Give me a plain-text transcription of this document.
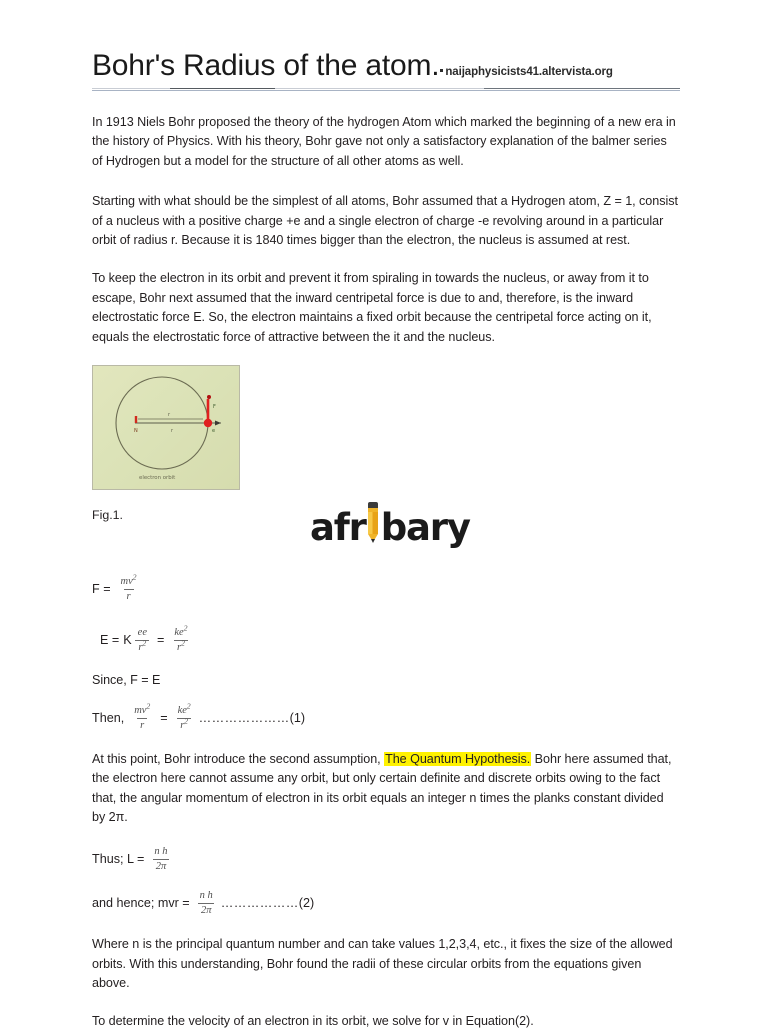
Bohr's Radius of the atom. naijaphysicists41.altervista.org

In 1913 Niels Bohr proposed the theory of the hydrogen Atom which marked the beginning of a new era in the history of Physics. With his theory, Bohr gave not only a satisfactory explanation of the balmer series of Hydrogen but a model for the structure of all other atoms as well.

Starting with what should be the simplest of all atoms, Bohr assumed that a Hydrogen atom, Z = 1, consist of a nucleus with a positive charge +e and a single electron of charge -e revolving around in a particular orbit of radius r. Because it is 1840 times bigger than the electron, the nucleus is assumed at rest.

To keep the electron in its orbit and prevent it from spiraling in towards the nucleus, or away from it to escape, Bohr next assumed that the inward centripetal force is due to and, therefore, is the inward electrostatic force E. So, the electron maintains a fixed orbit because the centripetal force acting on it, equals the electrostatic force of attractive between the it and the nucleus.

N
r
r	e
F
electron orbit
Fig.1.	afr bary
$F = \frac{mv^2}{r}$
E = K $\frac{ee}{r^2} = \frac{ke^2}{r^2}$

Since, F = E

Then, $\frac{mv^2}{r} = \frac{ke^2}{r^2}$ ………………… (1)

At this point, Bohr introduce the second assumption, The Quantum Hypothesis. Bohr here assumed that, the electron here cannot assume any orbit, but only certain definite and discrete orbits owing to the fact that, the angular momentum of electron in its orbit equals an integer n times the planks constant divided by 2π.

Thus; $L = \frac{\text{n h}}{2\pi}$
and hence; mvr = $\frac{\text{n h}}{2\pi}$ ……………… (2)

Where n is the principal quantum number and can take values 1,2,3,4, etc., it fixes the size of the allowed orbits. With this understanding, Bohr found the radii of these circular orbits from the equations given above.

To determine the velocity of an electron in its orbit, we solve for v in Equation(2).
